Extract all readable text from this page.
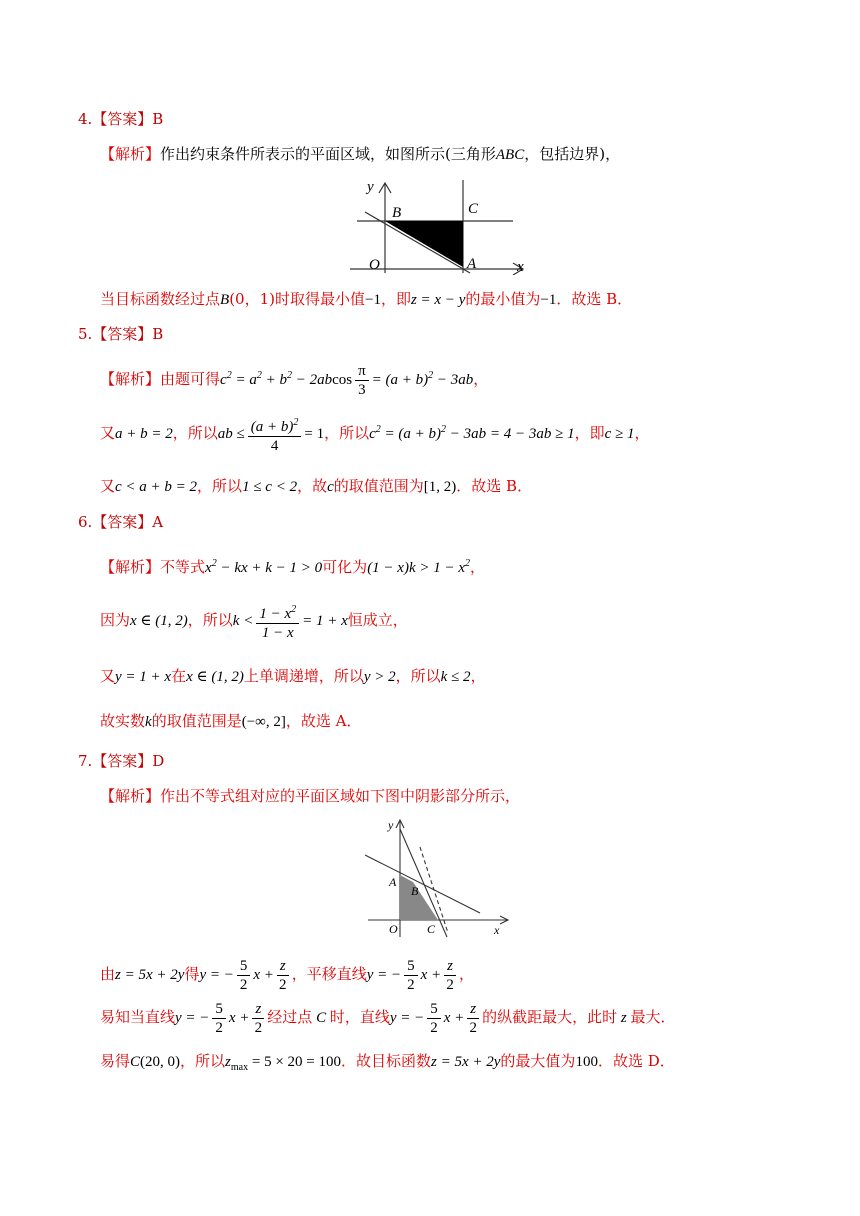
4.【答案】B
【解析】作出约束条件所表示的平面区域，如图所示(三角形ABC，包括边界)，
y
x
O	A
B	C
当目标函数经过点B(0，1)时取得最小值−1，即z = x − y的最小值为−1．故选 B．
5.【答案】B
【解析】由题可得$c^2 = a^2 + b^2 - 2abcos \frac{\pi}{3} = (a + b)^2 - 3ab$，
又a + b = 2，所以ab ≤ $\frac{(a + b)^2}{4} = 1$，所以$c^2 = (a + b)^2 - 3ab = 4 - 3ab \ge 1$，即c ≥ 1，
又c < a + b = 2，所以1 ≤ c < 2，故c的取值范围为[1, 2)．故选 B．
6.【答案】A
【解析】不等式$x^2$ − kx + k − 1 > 0可化为$(1 - x)k > 1 - x^2$，
因为x ∈ (1, 2)，所以$k < \frac{1 - x^2}{1 - x} = 1 + x$恒成立，
又y = 1 + x在x ∈ (1, 2)上单调递增，所以y > 2，所以k ≤ 2，
故实数k的取值范围是(−∞, 2]，故选 A．
7.【答案】D
【解析】作出不等式组对应的平面区域如下图中阴影部分所示，
y
x
O
A
B
C
由z = 5x + 2y得y = − $\frac{5}{2}$ $x + \frac{z}{2}$ ，平移直线y = − $\frac{5}{2}$ $x + \frac{z}{2}$ ，
易知当直线y = − $\frac{5}{2}$ $x + \frac{z}{2}$ 经过点 C 时，直线y = − $\frac{5}{2}$ $x + \frac{z}{2}$ 的纵截距最大，此时 z 最大．
易得C(20, 0)，所以$z_{max} = 5 \times 20 = 100$．故目标函数z = 5x + 2y的最大值为100．故选 D．
